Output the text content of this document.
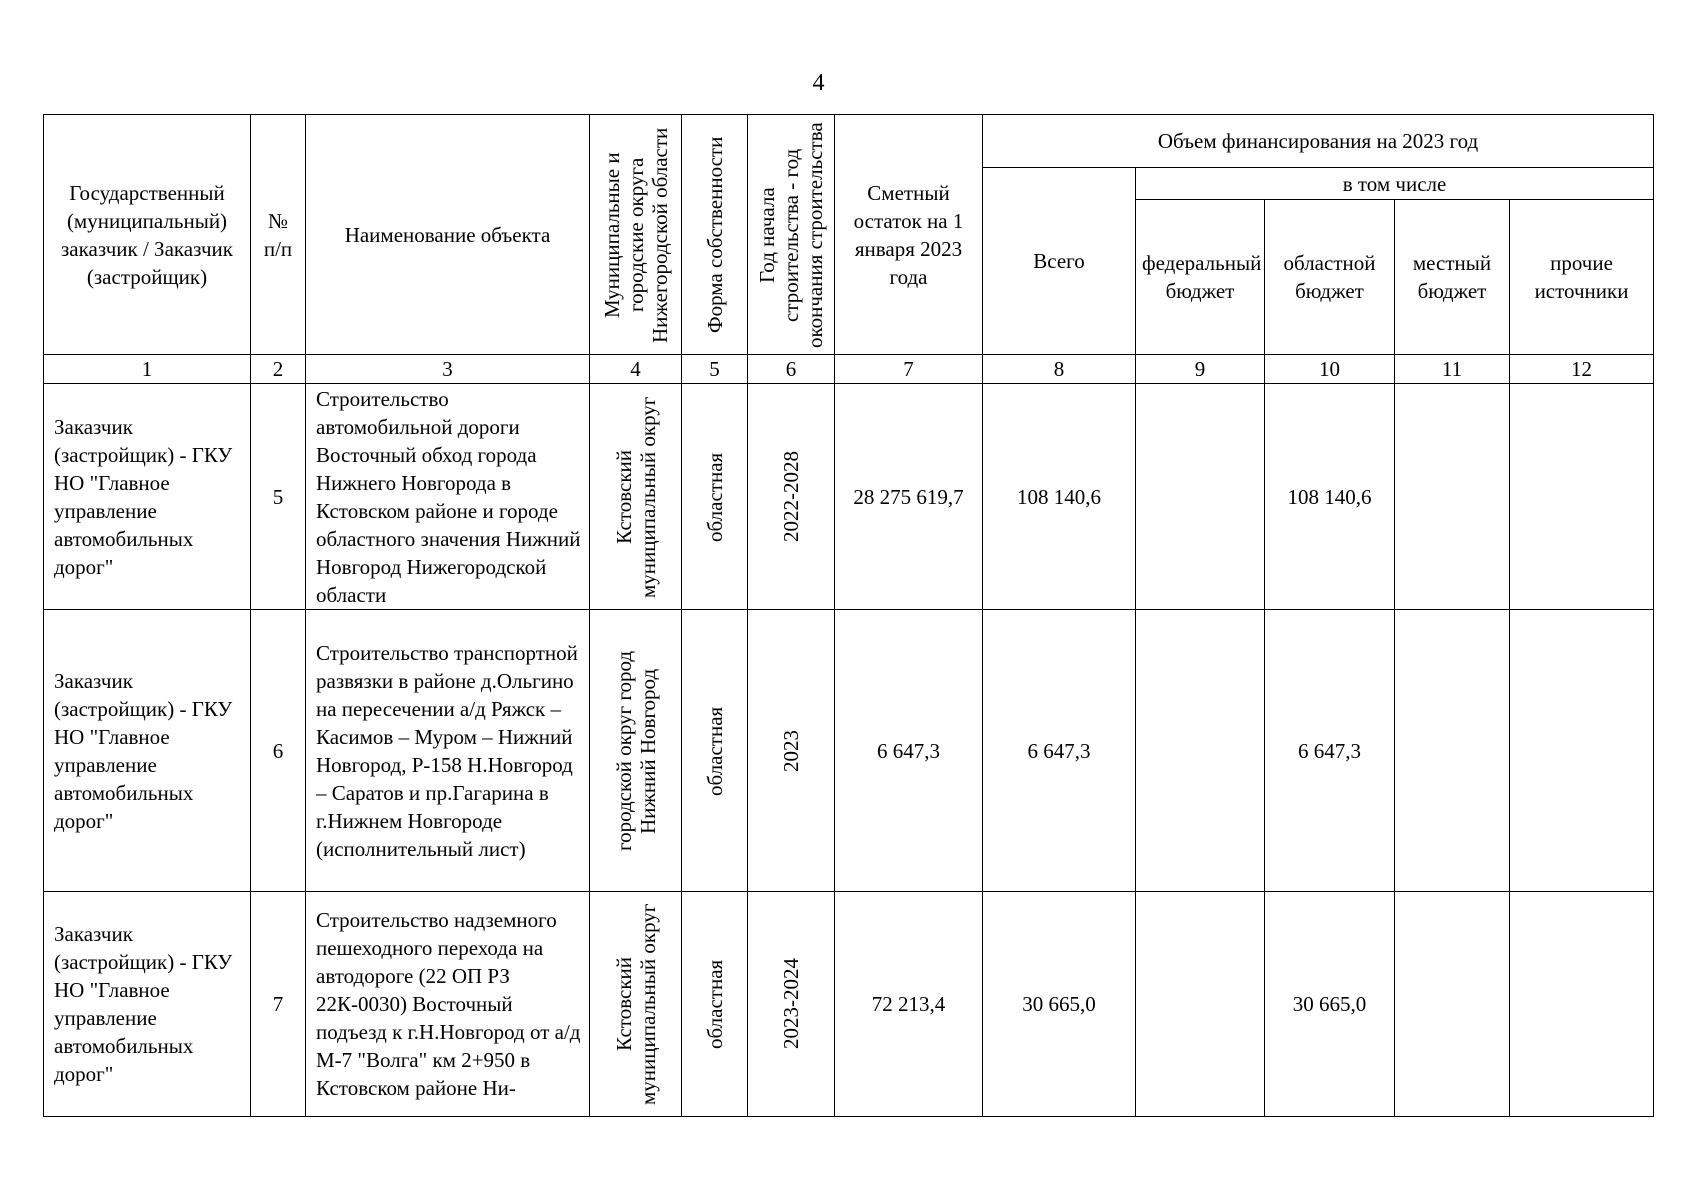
4
Государственный (муниципальный) заказчик / Заказчик (застройщик)	№ п/п	Наименование объекта	Муниципальные и городские округа Нижегородской области	Форма собственности	Год начала строительства - год окончания строительства	Сметный остаток на 1 января 2023 года	Объем финансирования на 2023 год				
							Всего	в том числе			
								федеральный бюджет	областной бюджет	местный бюджет	прочие источники
1	2	3	4	5	6	7	8	9	10	11	12
Заказчик (застройщик) - ГКУ НО "Главное управление автомобильных дорог"	5	Строительство автомобильной дороги Восточный обход города Нижнего Новгорода в Кстовском районе и городе областного значения Нижний Новгород Нижегородской области	Кстовский муниципальный округ	областная	2022-2028	28 275 619,7	108 140,6		108 140,6		
Заказчик (застройщик) - ГКУ НО "Главное управление автомобильных дорог"	6	Строительство транспортной развязки в районе д.Ольгино на пересечении а/д Ряжск – Касимов – Муром – Нижний Новгород, Р-158 Н.Новгород – Саратов и пр.Гагарина в г.Нижнем Новгороде (исполнительный лист)	городской округ город Нижний Новгород	областная	2023	6 647,3	6 647,3		6 647,3		
Заказчик (застройщик) - ГКУ НО "Главное управление автомобильных дорог"	7	Строительство надземного пешеходного перехода на автодороге (22 ОП РЗ 22К-0030) Восточный подъезд к г.Н.Новгород от а/д М-7 "Волга" км 2+950 в Кстовском районе Ни-	Кстовский муниципальный округ	областная	2023-2024	72 213,4	30 665,0		30 665,0		
